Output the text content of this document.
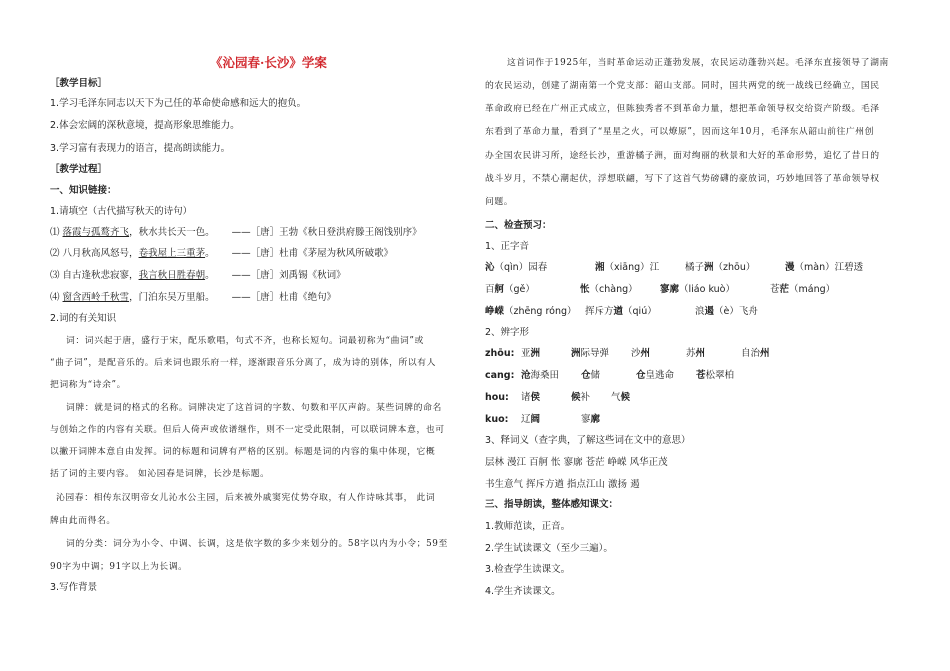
《沁园春·长沙》学案
［教学目标］
1.学习毛泽东同志以天下为己任的革命使命感和远大的抱负。
2.体会宏阔的深秋意境，提高形象思维能力。
3.学习富有表现力的语言，提高朗读能力。
［教学过程］
一、知识链接：
1.请填空（古代描写秋天的诗句）
⑴ 落霞与孤鹜齐飞，秋水共长天一色。 ——［唐］王勃《秋日登洪府滕王阁饯别序》
⑵ 八月秋高风怒号，卷我屋上三重茅。 ——［唐］杜甫《茅屋为秋风所破歌》
⑶ 自古逢秋悲寂寥，我言秋日胜春朝。 ——［唐］刘禹锡《秋词》
⑷ 窗含西岭千秋雪，门泊东吴万里船。 ——［唐］杜甫《绝句》
2.词的有关知识
词：词兴起于唐，盛行于宋，配乐歌唱，句式不齐，也称长短句。词最初称为“曲词”或
“曲子词”，是配音乐的。后来词也跟乐府一样，逐渐跟音乐分离了，成为诗的别体，所以有人
把词称为“诗余”。
词牌：就是词的格式的名称。词牌决定了这首词的字数、句数和平仄声韵。某些词牌的命名
与创始之作的内容有关联。但后人倚声或依谱继作，则不一定受此限制，可以联词牌本意，也可
以撇开词牌本意自由发挥。词的标题和词牌有严格的区别。标题是词的内容的集中体现，它概
括了词的主要内容。 如沁园春是词牌，长沙是标题。
沁园春：相传东汉明帝女儿沁水公主园，后来被外戚窦宪仗势夺取，有人作诗咏其事， 此词
牌由此而得名。
词的分类：词分为小令、中调、长调，这是依字数的多少来划分的。58字以内为小令；59至
90字为中调；91字以上为长调。
3.写作背景
这首词作于1925年，当时革命运动正蓬勃发展，农民运动蓬勃兴起。毛泽东直接领导了湖南
的农民运动，创建了湖南第一个党支部：韶山支部。同时，国共两党的统一战线已经确立，国民
革命政府已经在广州正式成立，但陈独秀者不到革命力量，想把革命领导权交给资产阶级。毛泽
东看到了革命力量，看到了“星星之火，可以燎原”，因而这年10月，毛泽东从韶山前往广州创
办全国农民讲习所，途经长沙，重游橘子洲，面对绚丽的秋景和大好的革命形势，追忆了昔日的
战斗岁月，不禁心潮起伏，浮想联翩，写下了这首气势磅礴的豪放词，巧妙地回答了革命领导权
问题。
二、检查预习：
1、正字音
沁（qìn）园春	湘（xiāng）江	橘子洲（zhōu）	漫（màn）江碧透
百舸（gě）	怅（chàng） 寥廓（liáo kuò）	苍茫（máng）
峥嵘（zhēng róng） 挥斥方遒（qiú）	浪遏（è）飞舟
2、辨字形
zhōu: 亚洲	洲际导弹 沙州	苏州	自治州
cang: 沧海桑田 仓储	仓皇逃命 苍松翠柏
hou: 诸侯	候补 气候
kuo: 辽阔	寥廓
3、释词义（查字典，了解这些词在文中的意思）
层林 漫江 百舸 怅 寥廓 苍茫 峥嵘 风华正茂
书生意气 挥斥方遒 指点江山 激扬 遏
三、指导朗读，整体感知课文：
1.教师范读，正音。
2.学生试读课文（至少三遍）。
3.检查学生读课文。
4.学生齐读课文。
